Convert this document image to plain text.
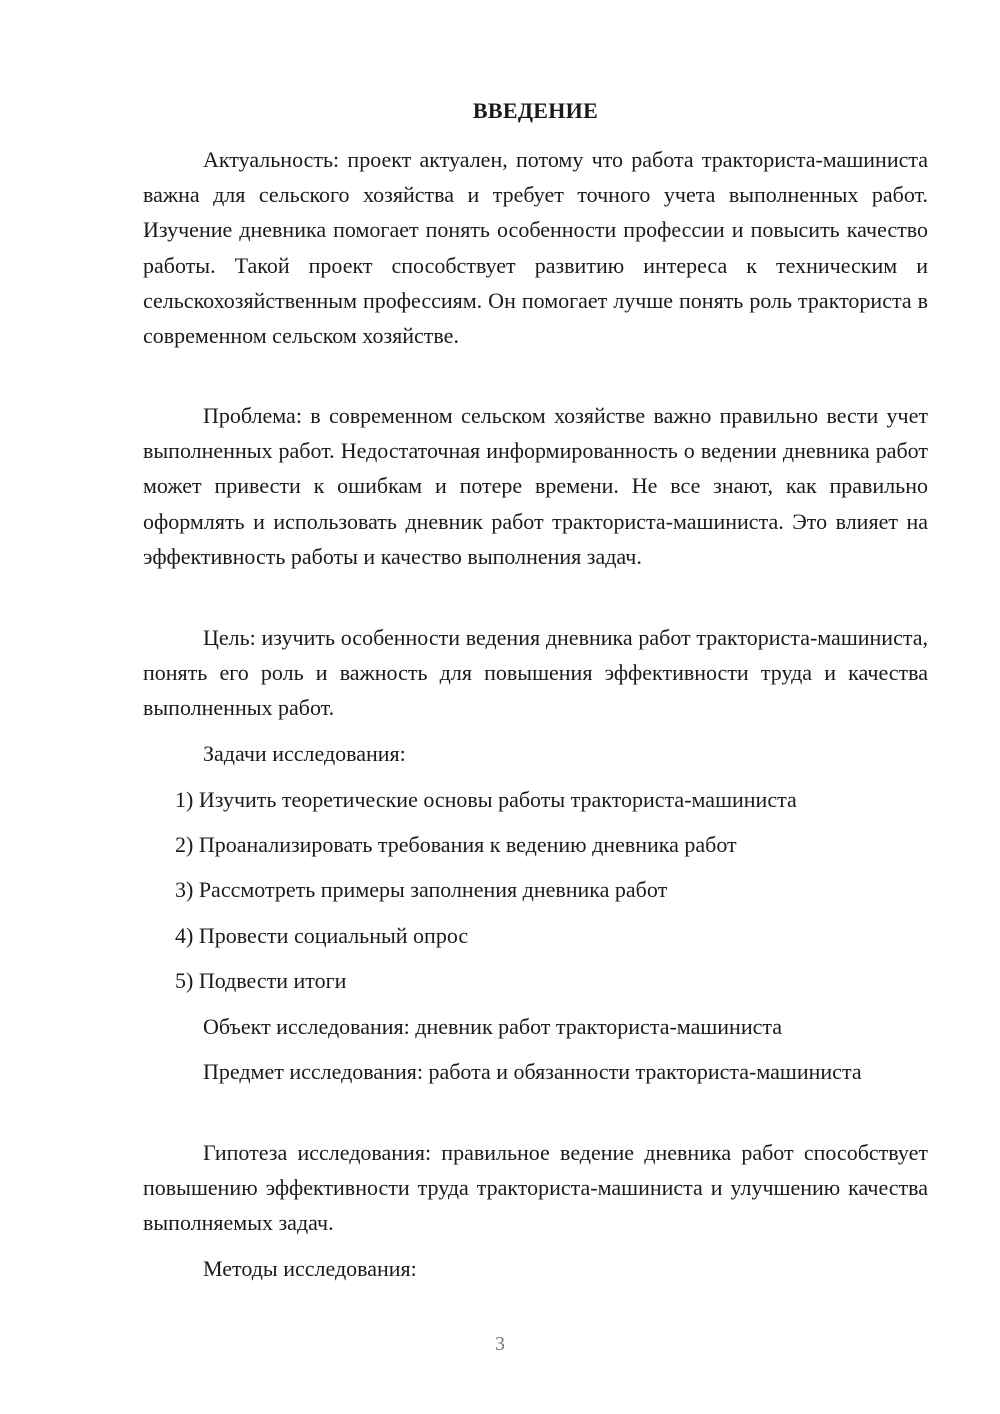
ВВЕДЕНИЕ

Актуальность: проект актуален, потому что работа тракториста-машиниста важна для сельского хозяйства и требует точного учета выполненных работ. Изучение дневника помогает понять особенности профессии и повысить качество работы. Такой проект способствует развитию интереса к техническим и сельскохозяйственным профессиям. Он помогает лучше понять роль тракториста в современном сельском хозяйстве.

Проблема: в современном сельском хозяйстве важно правильно вести учет выполненных работ. Недостаточная информированность о ведении дневника работ может привести к ошибкам и потере времени. Не все знают, как правильно оформлять и использовать дневник работ тракториста-машиниста. Это влияет на эффективность работы и качество выполнения задач.

Цель: изучить особенности ведения дневника работ тракториста-машиниста, понять его роль и важность для повышения эффективности труда и качества выполненных работ.

Задачи исследования:
1) Изучить теоретические основы работы тракториста-машиниста
2) Проанализировать требования к ведению дневника работ
3) Рассмотреть примеры заполнения дневника работ
4) Провести социальный опрос
5) Подвести итоги
Объект исследования: дневник работ тракториста-машиниста

Предмет исследования: работа и обязанности тракториста-машиниста

Гипотеза исследования: правильное ведение дневника работ способствует повышению эффективности труда тракториста-машиниста и улучшению качества выполняемых задач.

Методы исследования:
3
